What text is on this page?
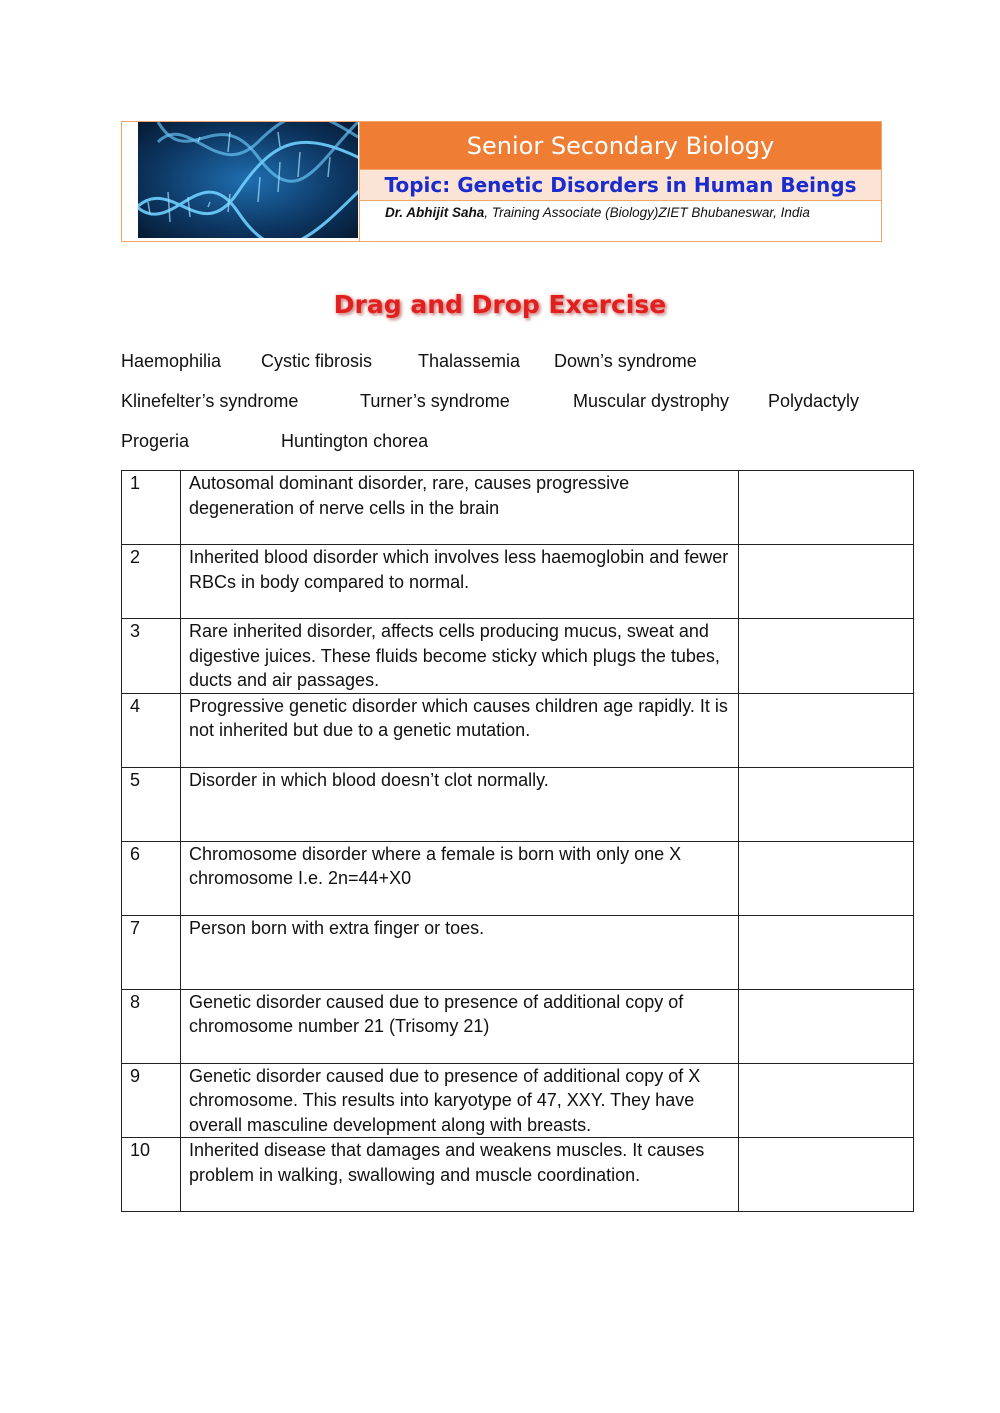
Senior Secondary Biology
Topic: Genetic Disorders in Human Beings
Dr. Abhijit Saha, Training Associate (Biology)ZIET Bhubaneswar, India
Drag and Drop Exercise
Haemophilia Cystic fibrosis	Thalassemia Down’s syndrome
Klinefelter’s syndrome	Turner’s syndrome	Muscular dystrophy Polydactyly
Progeria	Huntington chorea
1	Autosomal dominant disorder, rare, causes progressive degeneration of nerve cells in the brain	
2	Inherited blood disorder which involves less haemoglobin and fewer RBCs in body compared to normal.	
3	Rare inherited disorder, affects cells producing mucus, sweat and digestive juices. These fluids become sticky which plugs the tubes, ducts and air passages.	
4	Progressive genetic disorder which causes children age rapidly. It is not inherited but due to a genetic mutation.	
5	Disorder in which blood doesn’t clot normally.	
6	Chromosome disorder where a female is born with only one X chromosome I.e. 2n=44+X0	
7	Person born with extra finger or toes.	
8	Genetic disorder caused due to presence of additional copy of chromosome number 21 (Trisomy 21)	
9	Genetic disorder caused due to presence of additional copy of X chromosome. This results into karyotype of 47, XXY. They have overall masculine development along with breasts.	
10	Inherited disease that damages and weakens muscles. It causes problem in walking, swallowing and muscle coordination.	
